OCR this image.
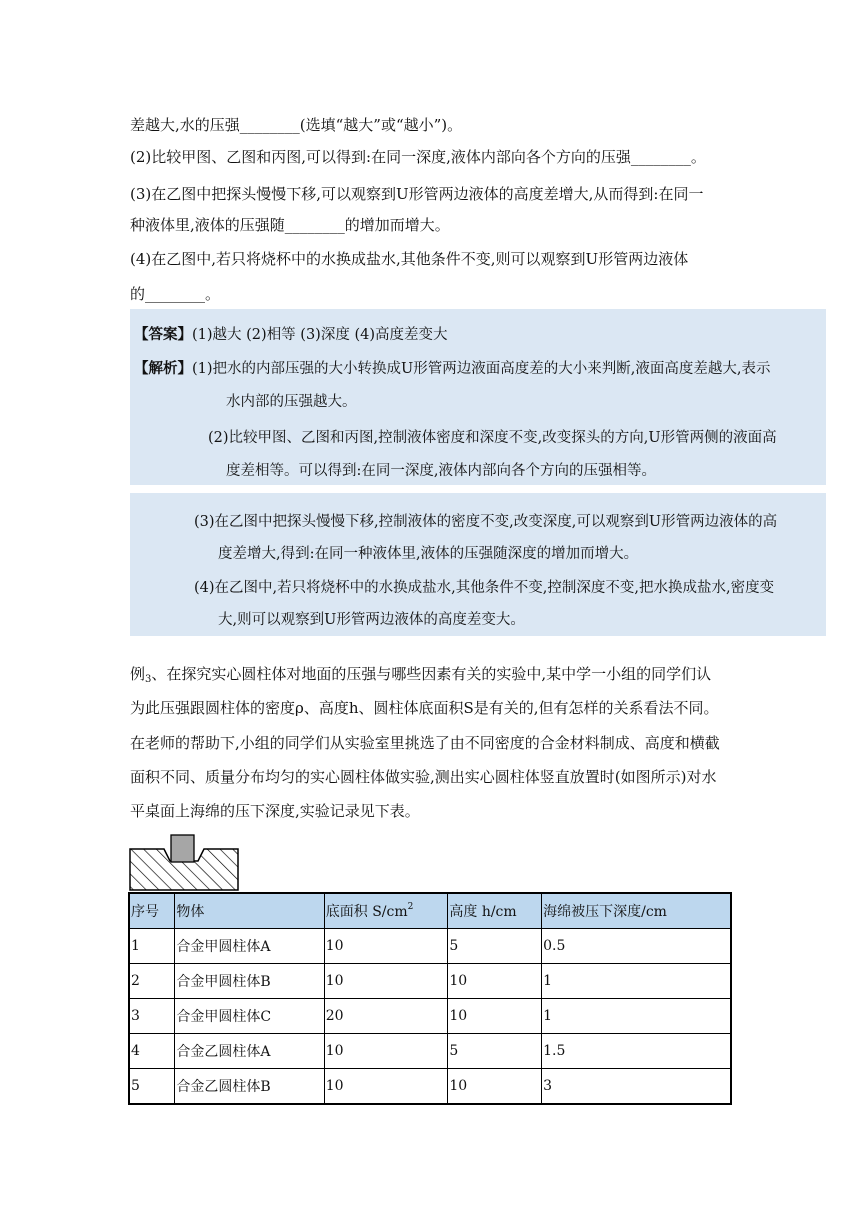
差越大,水的压强________(选填“越大”或“越小”)。
(2)比较甲图、乙图和丙图,可以得到:在同一深度,液体内部向各个方向的压强________。
(3)在乙图中把探头慢慢下移,可以观察到U形管两边液体的高度差增大,从而得到:在同一
种液体里,液体的压强随________的增加而增大。
(4)在乙图中,若只将烧杯中的水换成盐水,其他条件不变,则可以观察到U形管两边液体
的________。
【答案】(1)越大 (2)相等 (3)深度 (4)高度差变大
【解析】(1)把水的内部压强的大小转换成U形管两边液面高度差的大小来判断,液面高度差越大,表示
水内部的压强越大。
(2)比较甲图、乙图和丙图,控制液体密度和深度不变,改变探头的方向,U形管两侧的液面高
度差相等。可以得到:在同一深度,液体内部向各个方向的压强相等。
(3)在乙图中把探头慢慢下移,控制液体的密度不变,改变深度,可以观察到U形管两边液体的高
度差增大,得到:在同一种液体里,液体的压强随深度的增加而增大。
(4)在乙图中,若只将烧杯中的水换成盐水,其他条件不变,控制深度不变,把水换成盐水,密度变
大,则可以观察到U形管两边液体的高度差变大。
例$_3$、在探究实心圆柱体对地面的压强与哪些因素有关的实验中,某中学一小组的同学们认
为此压强跟圆柱体的密度ρ、高度h、圆柱体底面积S是有关的,但有怎样的关系看法不同。
在老师的帮助下,小组的同学们从实验室里挑选了由不同密度的合金材料制成、高度和横截
面积不同、质量分布均匀的实心圆柱体做实验,测出实心圆柱体竖直放置时(如图所示)对水
平桌面上海绵的压下深度,实验记录见下表。
序号	物体	底面积 $S/cm^2$	高度 h/cm	海绵被压下深度/cm
1	合金甲圆柱体A	10	5	0.5
2	合金甲圆柱体B	10	10	1
3	合金甲圆柱体C	20	10	1
4	合金乙圆柱体A	10	5	1.5
5	合金乙圆柱体B	10	10	3
